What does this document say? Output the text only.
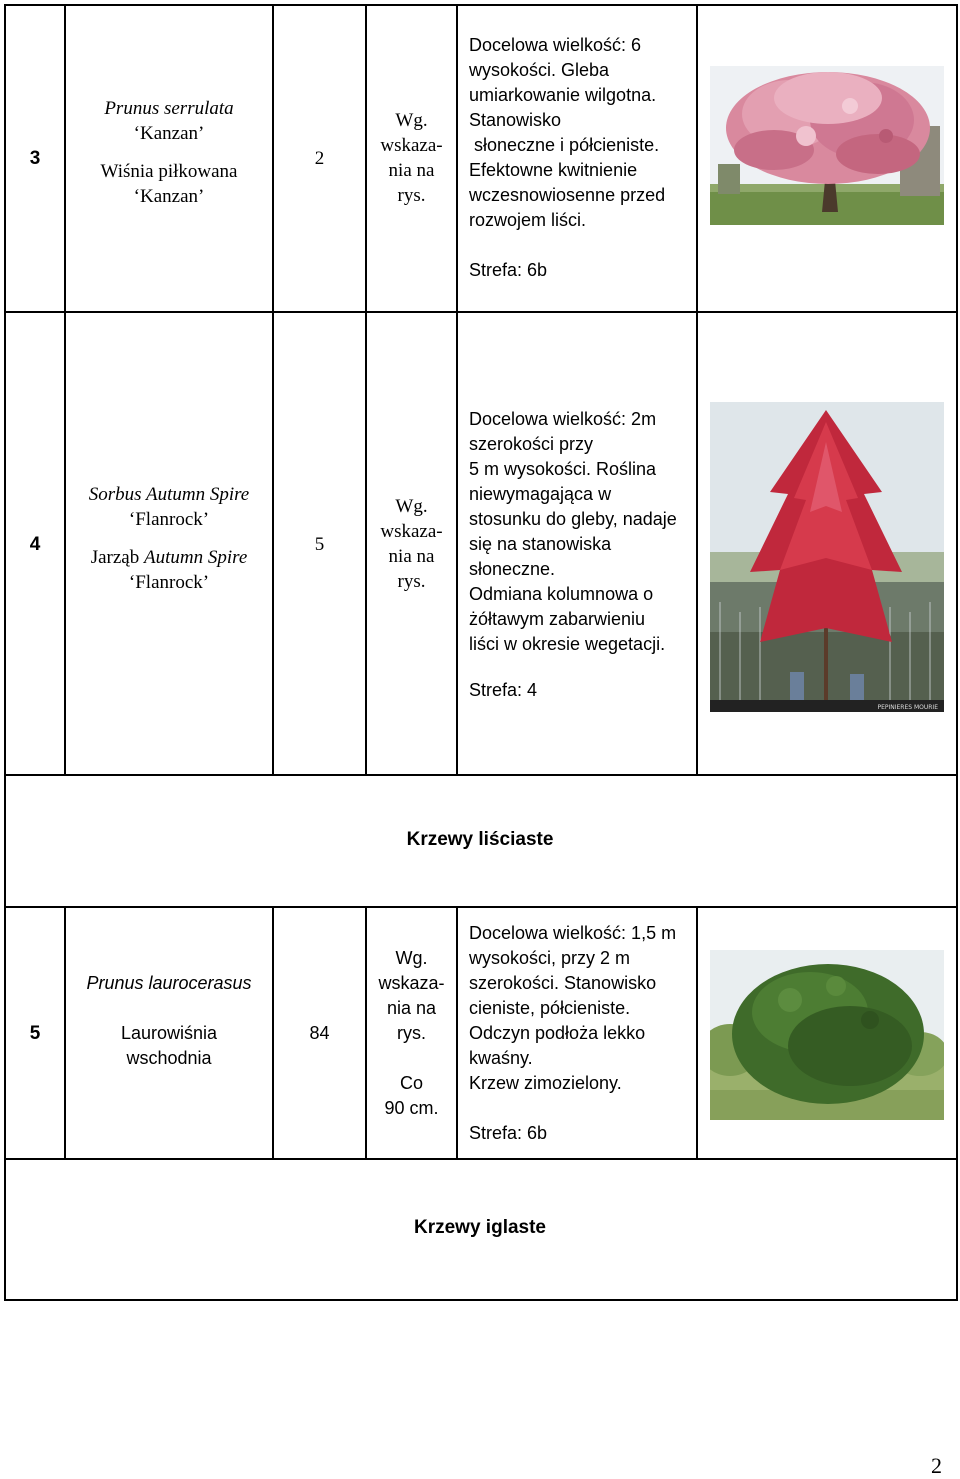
3
Prunus serrulata
‘Kanzan’
Wiśnia piłkowana
‘Kanzan’
2
Wg.
wskaza-
nia na
rys.

Docelowa wielkość: 6

wysokości. Gleba

umiarkowanie wilgotna.

Stanowisko

słoneczne i półcieniste.

Efektowne kwitnienie

wczesnowiosenne przed

rozwojem liści.

Strefa: 6b

4
Sorbus Autumn Spire
‘Flanrock’
Jarząb Autumn Spire
‘Flanrock’
5
Wg.
wskaza-
nia na
rys.

Docelowa wielkość: 2m

szerokości przy

5 m wysokości. Roślina

niewymagająca w

stosunku do gleby, nadaje

się na stanowiska

słoneczne.

Odmiana kolumnowa o

żółtawym zabarwieniu

liści w okresie wegetacji.

Strefa: 4

PEPINIERES MOURIE
Krzewy liściaste
5
Prunus laurocerasus
Laurowiśnia
wschodnia
84
Wg.
wskaza-
nia na
rys.
Co
90 cm.

Docelowa wielkość: 1,5 m

wysokości, przy 2 m

szerokości. Stanowisko

cieniste, półcieniste.

Odczyn podłoża lekko

kwaśny.

Krzew zimozielony.

Strefa: 6b

Krzewy iglaste
2
